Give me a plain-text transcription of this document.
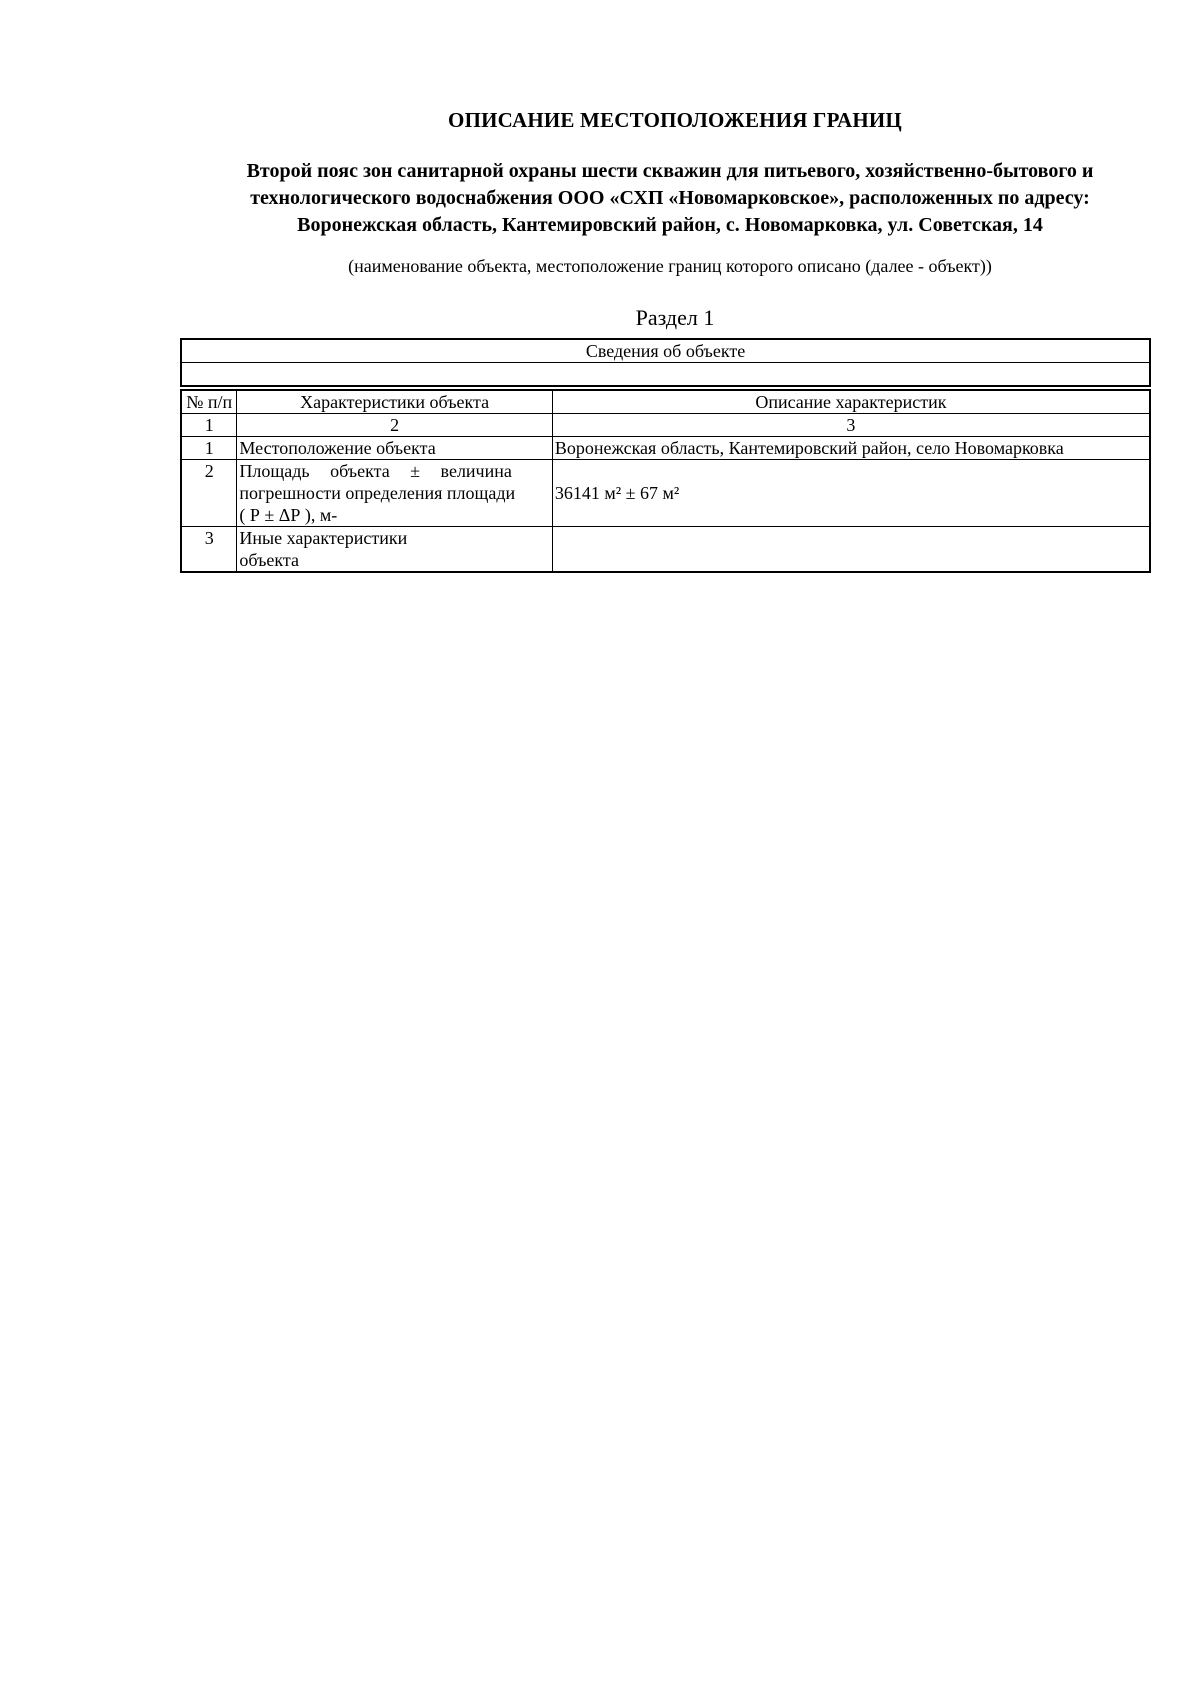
ОПИСАНИЕ МЕСТОПОЛОЖЕНИЯ ГРАНИЦ
Второй пояс зон санитарной охраны шести скважин для питьевого, хозяйственно-бытового и
технологического водоснабжения ООО «СХП «Новомарковское», расположенных по адресу:
Воронежская область, Кантемировский район, с. Новомарковка, ул. Советская, 14
(наименование объекта, местоположение границ которого описано (далее - объект))
Раздел 1
Сведения об объекте		

№ п/п	Характеристики объекта	Описание характеристик
1	2	3
1	Местоположение объекта	Воронежская область, Кантемировский район, село Новомарковка
2	Площадь объекта ± величина
погрешности определения площади
( Р ± ΔР ), м-	36141 м² ± 67 м²
3	Иные характеристики
объекта	
